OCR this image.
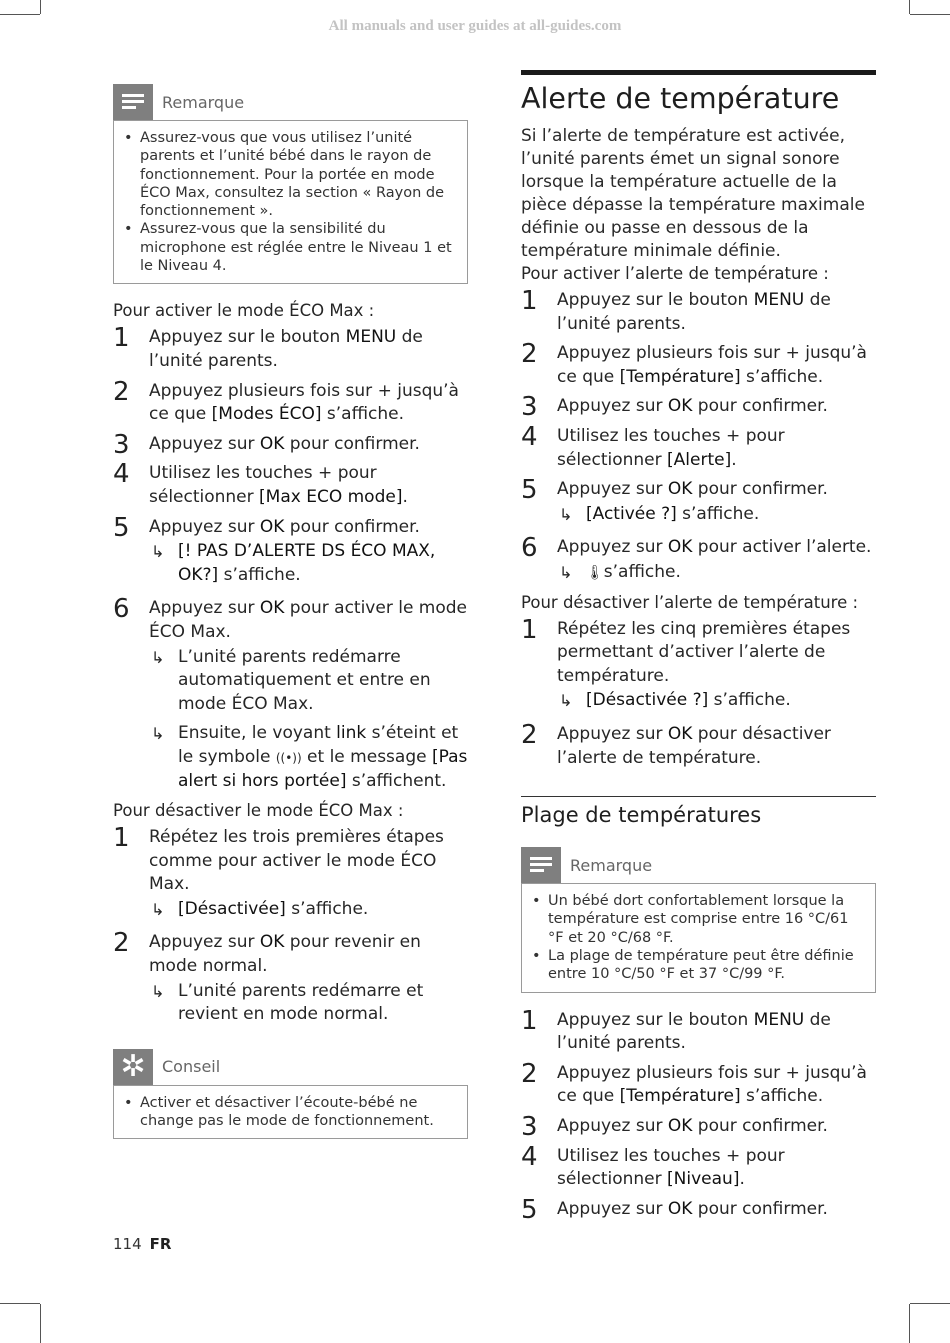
All manuals and user guides at all-guides.com
Remarque
• Assurez-vous que vous utilisez l’unité parents et l’unité bébé dans le rayon de fonctionnement. Pour la portée en mode ÉCO Max, consultez la section « Rayon de fonctionnement ».
• Assurez-vous que la sensibilité du microphone est réglée entre le Niveau 1 et le Niveau 4.
Pour activer le mode ÉCO Max :
1 Appuyez sur le bouton MENU de l’unité parents.
2 Appuyez plusieurs fois sur + jusqu’à ce que [Modes ÉCO] s’affiche.
3 Appuyez sur OK pour confirmer.
4 Utilisez les touches + pour sélectionner [Max ECO mode].
5 Appuyez sur OK pour confirmer.
↳ [! PAS D’ALERTE DS ÉCO MAX, OK?] s’affiche.
6 Appuyez sur OK pour activer le mode ÉCO Max.
↳ L’unité parents redémarre automatiquement et entre en mode ÉCO Max.
↳ Ensuite, le voyant link s’éteint et le symbole ((•)) et le message [Pas alert si hors portée] s’affichent.
Pour désactiver le mode ÉCO Max :
1 Répétez les trois premières étapes comme pour activer le mode ÉCO Max.
↳ [Désactivée] s’affiche.
2 Appuyez sur OK pour revenir en mode normal.
↳ L’unité parents redémarre et revient en mode normal.
✲	Conseil
• Activer et désactiver l’écoute-bébé ne change pas le mode de fonctionnement.
Alerte de température
Si l’alerte de température est activée, l’unité parents émet un signal sonore lorsque la température actuelle de la pièce dépasse la température maximale définie ou passe en dessous de la température minimale définie.
Pour activer l’alerte de température :
1 Appuyez sur le bouton MENU de l’unité parents.
2 Appuyez plusieurs fois sur + jusqu’à ce que [Température] s’affiche.
3 Appuyez sur OK pour confirmer.
4 Utilisez les touches + pour sélectionner [Alerte].
5 Appuyez sur OK pour confirmer.
↳ [Activée ?] s’affiche.
6 Appuyez sur OK pour activer l’alerte.
↳ 🌡s’affiche.
Pour désactiver l’alerte de température :
1 Répétez les cinq premières étapes permettant d’activer l’alerte de température.
↳ [Désactivée ?] s’affiche.
2 Appuyez sur OK pour désactiver l’alerte de température.
Plage de températures
Remarque
• Un bébé dort confortablement lorsque la température est comprise entre 16 °C/61 °F et 20 °C/68 °F.
• La plage de température peut être définie entre 10 °C/50 °F et 37 °C/99 °F.
1 Appuyez sur le bouton MENU de l’unité parents.
2 Appuyez plusieurs fois sur + jusqu’à ce que [Température] s’affiche.
3 Appuyez sur OK pour confirmer.
4 Utilisez les touches + pour sélectionner [Niveau].
5 Appuyez sur OK pour confirmer.
114 FR
